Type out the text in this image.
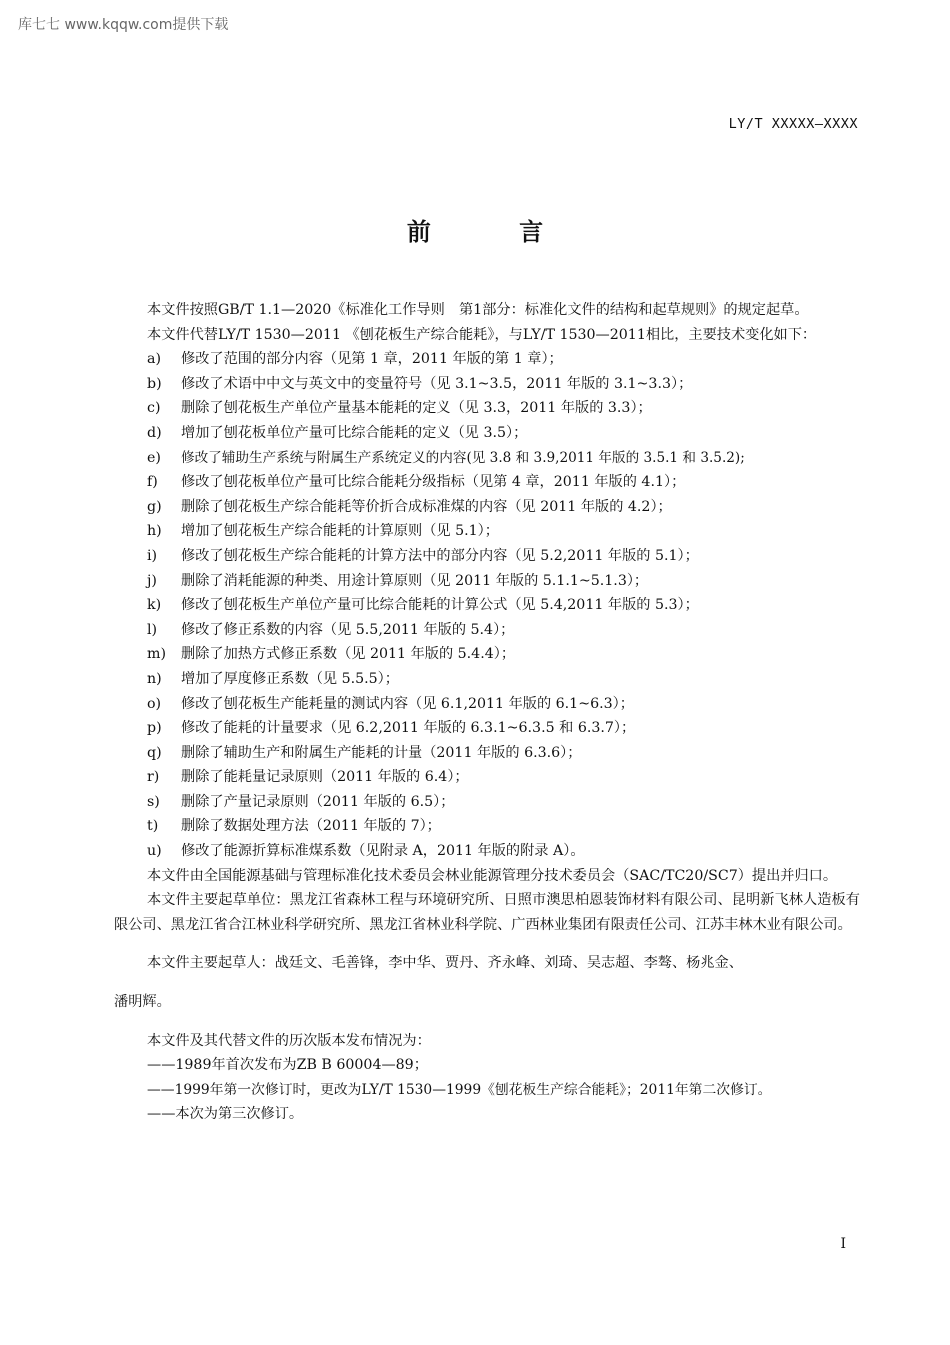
库七七 www.kqqw.com提供下载
LY/T XXXXX—XXXX
前 言

本文件按照GB/T 1.1—2020《标准化工作导则　第1部分：标准化文件的结构和起草规则》的规定起草。

本文件代替LY/T 1530—2011 《刨花板生产综合能耗》，与LY/T 1530—2011相比，主要技术变化如下：

a)	修改了范围的部分内容（见第 1 章，2011 年版的第 1 章）；
b)	修改了术语中中文与英文中的变量符号（见 3.1~3.5，2011 年版的 3.1~3.3）；
c)	删除了刨花板生产单位产量基本能耗的定义（见 3.3，2011 年版的 3.3）；
d)	增加了刨花板单位产量可比综合能耗的定义（见 3.5）；
e)	修改了辅助生产系统与附属生产系统定义的内容(见 3.8 和 3.9,2011 年版的 3.5.1 和 3.5.2);
f)	修改了刨花板单位产量可比综合能耗分级指标（见第 4 章，2011 年版的 4.1）；
g)	删除了刨花板生产综合能耗等价折合成标准煤的内容（见 2011 年版的 4.2）；
h)	增加了刨花板生产综合能耗的计算原则（见 5.1）；
i)	修改了刨花板生产综合能耗的计算方法中的部分内容（见 5.2,2011 年版的 5.1）；
j)	删除了消耗能源的种类、用途计算原则（见 2011 年版的 5.1.1~5.1.3）；
k)	修改了刨花板生产单位产量可比综合能耗的计算公式（见 5.4,2011 年版的 5.3）；
l)	修改了修正系数的内容（见 5.5,2011 年版的 5.4）；
m)	删除了加热方式修正系数（见 2011 年版的 5.4.4）；
n)	增加了厚度修正系数（见 5.5.5）；
o)	修改了刨花板生产能耗量的测试内容（见 6.1,2011 年版的 6.1~6.3）；
p)	修改了能耗的计量要求（见 6.2,2011 年版的 6.3.1~6.3.5 和 6.3.7）；
q)	删除了辅助生产和附属生产能耗的计量（2011 年版的 6.3.6）；
r)	删除了能耗量记录原则（2011 年版的 6.4）；
s)	删除了产量记录原则（2011 年版的 6.5）；
t)	删除了数据处理方法（2011 年版的 7）；
u)	修改了能源折算标准煤系数（见附录 A，2011 年版的附录 A）。

本文件由全国能源基础与管理标准化技术委员会林业能源管理分技术委员会（SAC/TC20/SC7）提出并归口。

本文件主要起草单位：黑龙江省森林工程与环境研究所、日照市澳思柏恩装饰材料有限公司、昆明新飞林人造板有限公司、黑龙江省合江林业科学研究所、黑龙江省林业科学院、广西林业集团有限责任公司、江苏丰林木业有限公司。

本文件主要起草人：战廷文、毛善锋，李中华、贾丹、齐永峰、刘琦、吴志超、李骜、杨兆金、

潘明辉。

本文件及其代替文件的历次版本发布情况为：

——1989年首次发布为ZB B 60004—89；

——1999年第一次修订时，更改为LY/T 1530—1999《刨花板生产综合能耗》；2011年第二次修订。

——本次为第三次修订。

I
